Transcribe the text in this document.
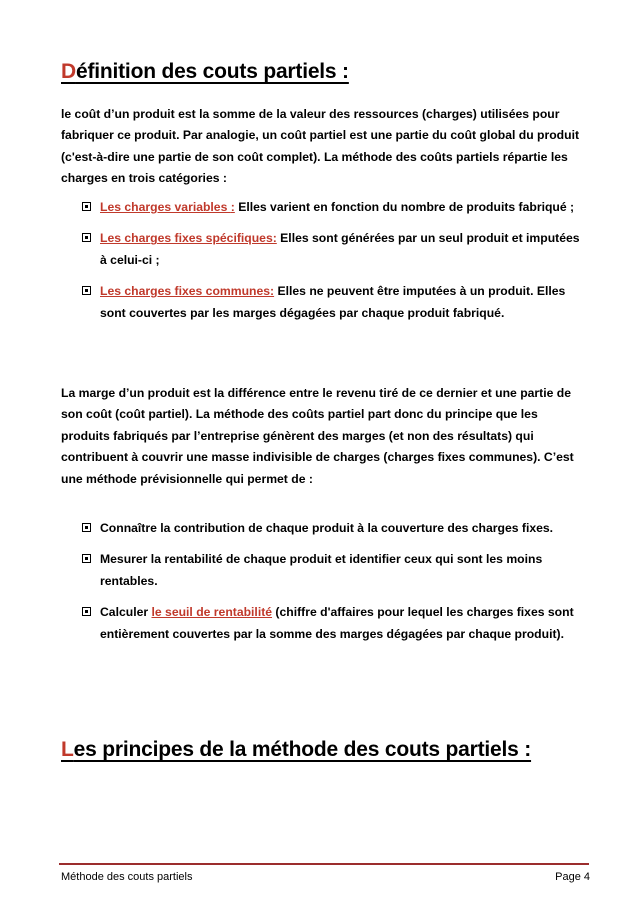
Définition des couts partiels :

le coût d’un produit est la somme de la valeur des ressources (charges) utilisées pour fabriquer ce produit. Par analogie, un coût partiel est une partie du coût global du produit (c'est-à-dire une partie de son coût complet). La méthode des coûts partiels répartie les charges en trois catégories :

Les charges variables : Elles varient en fonction du nombre de produits fabriqué ;
Les charges fixes spécifiques: Elles sont générées par un seul produit et imputées à celui-ci ;
Les charges fixes communes: Elles ne peuvent être imputées à un produit. Elles sont couvertes par les marges dégagées par chaque produit fabriqué.

La marge d’un produit est la différence entre le revenu tiré de ce dernier et une partie de son coût (coût partiel). La méthode des coûts partiel part donc du principe que les produits fabriqués par l’entreprise génèrent des marges (et non des résultats) qui contribuent à couvrir une masse indivisible de charges (charges fixes communes). C’est une méthode prévisionnelle qui permet de :

Connaître la contribution de chaque produit à la couverture des charges fixes.
Mesurer la rentabilité de chaque produit et identifier ceux qui sont les moins rentables.
Calculer le seuil de rentabilité (chiffre d'affaires pour lequel les charges fixes sont entièrement couvertes par la somme des marges dégagées par chaque produit).
Les principes de la méthode des couts partiels :
Méthode des couts partiels	Page 4
